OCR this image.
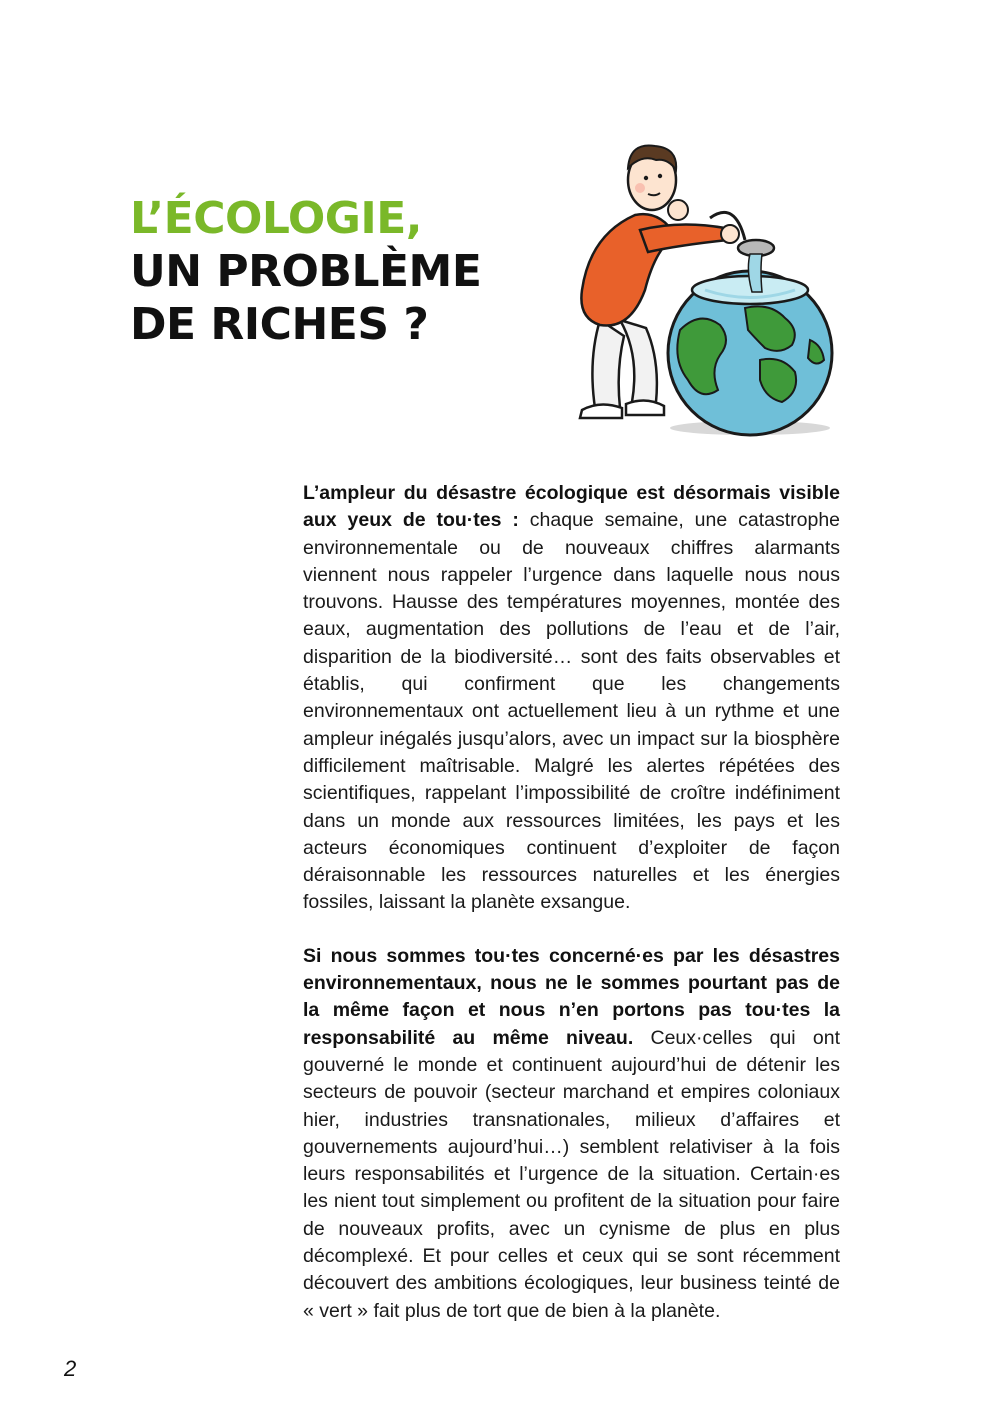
L’ÉCOLOGIE,
UN PROBLÈME
DE RICHES ?

L’ampleur du désastre écologique est désormais visible aux yeux de tou·tes : chaque semaine, une catastrophe environnementale ou de nouveaux chiffres alarmants viennent nous rappeler l’urgence dans laquelle nous nous trouvons. Hausse des températures moyennes, montée des eaux, augmentation des pollutions de l’eau et de l’air, disparition de la biodiversité… sont des faits observables et établis, qui confirment que les changements environnementaux ont actuellement lieu à un rythme et une ampleur inégalés jusqu’alors, avec un impact sur la biosphère difficilement maîtrisable. Malgré les alertes répétées des scientifiques, rappelant l’impossibilité de croître indéfiniment dans un monde aux ressources limitées, les pays et les acteurs économiques continuent d’exploiter de façon déraisonnable les ressources naturelles et les énergies fossiles, laissant la planète exsangue.

Si nous sommes tou·tes concerné·es par les désastres environnementaux, nous ne le sommes pourtant pas de la même façon et nous n’en portons pas tou·tes la responsabilité au même niveau. Ceux·celles qui ont gouverné le monde et continuent aujourd’hui de détenir les secteurs de pouvoir (secteur marchand et empires coloniaux hier, industries transnationales, milieux d’affaires et gouvernements aujourd’hui…) semblent relativiser à la fois leurs responsabilités et l’urgence de la situation. Certain·es les nient tout simplement ou profitent de la situation pour faire de nouveaux profits, avec un cynisme de plus en plus décomplexé. Et pour celles et ceux qui se sont récemment découvert des ambitions écologiques, leur business teinté de « vert » fait plus de tort que de bien à la planète.

2
